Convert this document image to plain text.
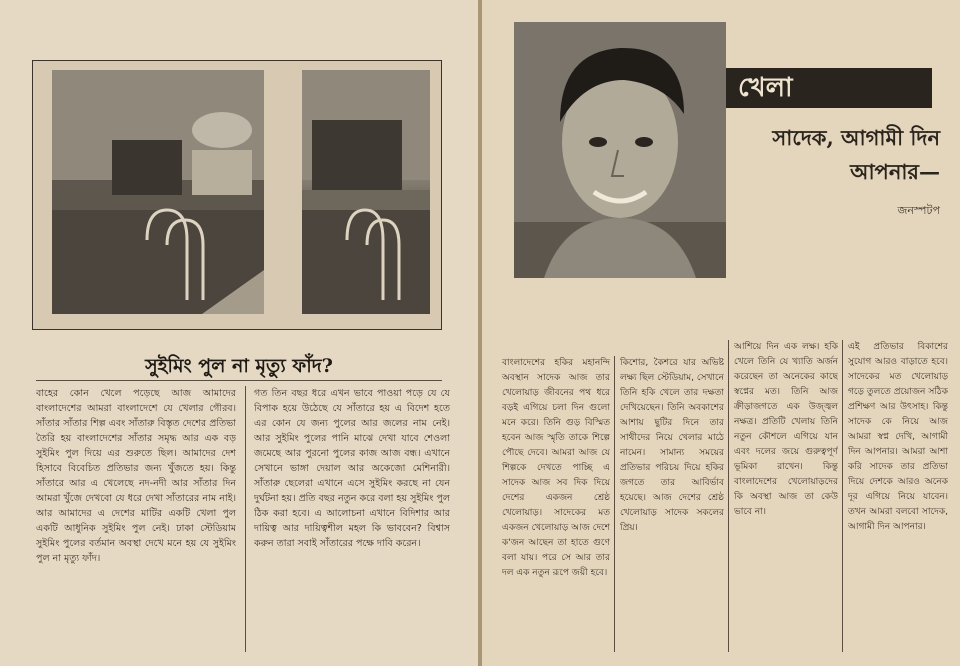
সুইমিং পুল না মৃত্যু ফাঁদ?

বাহের কোন খেলে পড়েছে আজ আমাদের বাংলাদেশের আমরা বাংলাদেশে যে খেলার গৌরব। সাঁতার সাঁতার শিল্প এবং সাঁতারু বিস্তৃত দেশের প্রতিভা তৈরি হয় বাংলাদেশের সাঁতার সমৃদ্ধ আর এক বড় সুইমিং পুল দিয়ে এর শুরুতে ছিল। আমাদের দেশ হিসাবে বিবেচিত প্রতিভার জন্য খুঁজতে হয়। কিন্তু সাঁতারে আর এ খেলেছে নদ-নদী আর সাঁতার দিন আমরা খুঁজে দেখবো যে ধরে দেখা সাঁতারের নাম নাই। আর আমাদের এ দেশের মাটির একটি খেলা পুল একটি আধুনিক সুইমিং পুল নেই। ঢাকা স্টেডিয়াম সুইমিং পুলের বর্তমান অবস্থা দেখে মনে হয় যে সুইমিং পুল না মৃত্যু ফাঁদ।

গত তিন বছর ধরে এখন ভাবে পাওয়া পড়ে যে যে বিপাক হয়ে উঠেছে যে সাঁতারে হয় এ বিদেশ হতে এর কোন যে জন্য পুলের আর জলের নাম নেই। আর সুইমিং পুলের পানি মাঝে দেখা যাবে শেওলা জমেছে আর পুরনো পুলের কাজ আজ বন্ধ। এখানে সেখানে ভাঙ্গা দেয়াল আর অকেজো মেশিনারী। সাঁতারু ছেলেরা এখানে এসে সুইমিং করছে না যেন দুর্ঘটনা হয়। প্রতি বছর নতুন করে বলা হয় সুইমিং পুল ঠিক করা হবে। এ আলোচনা এখানে বিদিশার আর দায়িত্ব আর দায়িত্বশীল মহল কি ভাববেন? বিশ্বাস করুন তারা সবাই সাঁতারের পক্ষে দাবি করেন।

খেলা
সাদেক, আগামী দিন
আপনার—
জনস্পটপ

বাংলাদেশের হকির মহানন্দি অবস্থান সাদেক আজ তার খেলোয়াড় জীবনের পথ ধরে বড়ই এগিয়ে চলা দিন গুলো মনে করে। তিনি গুড় বিস্মিত হবেন আজ স্মৃতি তাকে শিল্পে পৌছে দেবে। আমরা আজ যে শিল্পকে দেখতে পাচ্ছি এ সাদেক আজ সব দিক দিয়ে দেশের একজন শ্রেষ্ঠ খেলোয়াড়। সাদেকের মত একজন খেলোয়াড় আজ দেশে ক'জন আছেন তা হাতে গুণে বলা যায়। পরে সে আর তার দল এক নতুন রূপে জয়ী হবে।

কিশোর, কৈশরে যার অভিষ্ট লক্ষ্য ছিল স্টেডিয়াম, সেখানে তিনি হকি খেলে তার দক্ষতা দেখিয়েছেন। তিনি অবকাশের আশায় ছুটির দিনে তার সাথীদের নিয়ে খেলার মাঠে নামেন। সামান্য সময়ের প্রতিভার পরিচয় দিয়ে হকির জগতে তার আবির্ভাব হয়েছে। আজ দেশের শ্রেষ্ঠ খেলোয়াড় সাদেক সকলের প্রিয়।

আশিয়ে দিন এক লক্ষ। হকি খেলে তিনি যে খ্যাতি অর্জন করেছেন তা অনেকের কাছে স্বপ্নের মত। তিনি আজ ক্রীড়াজগতে এক উজ্জ্বল নক্ষত্র। প্রতিটি খেলায় তিনি নতুন কৌশলে এগিয়ে যান এবং দলের জয়ে গুরুত্বপূর্ণ ভূমিকা রাখেন। কিন্তু বাংলাদেশের খেলোয়াড়দের কি অবস্থা আজ তা কেউ ভাবে না।

এই প্রতিভার বিকাশের সুযোগ আরও বাড়াতে হবে। সাদেকের মত খেলোয়াড় গড়ে তুলতে প্রয়োজন সঠিক প্রশিক্ষণ আর উৎসাহ। কিন্তু সাদেক কে নিয়ে আজ আমরা স্বপ্ন দেখি, আগামী দিন আপনার। আমরা আশা করি সাদেক তার প্রতিভা দিয়ে দেশকে আরও অনেক দূর এগিয়ে নিয়ে যাবেন। তখন আমরা বলবো সাদেক, আগামী দিন আপনার।
